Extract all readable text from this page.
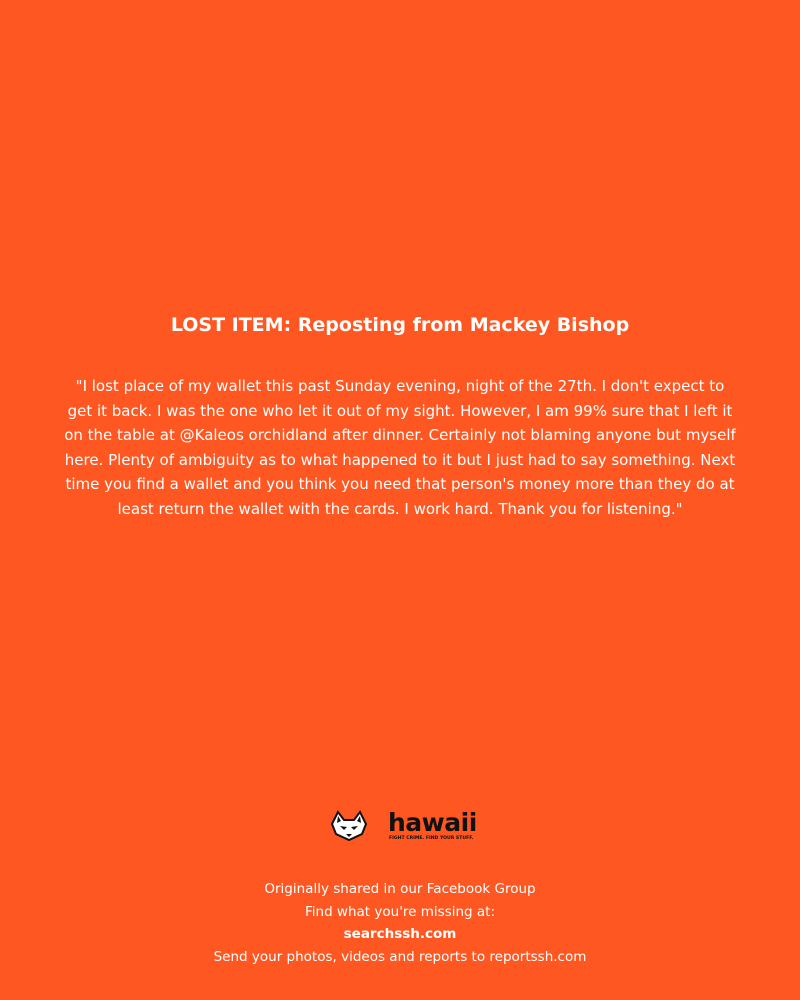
LOST ITEM: Reposting from Mackey Bishop

"I lost place of my wallet this past Sunday evening, night of the 27th. I don't expect to get it back. I was the one who let it out of my sight. However, I am 99% sure that I left it on the table at @Kaleos orchidland after dinner. Certainly not blaming anyone but myself here. Plenty of ambiguity as to what happened to it but I just had to say something. Next time you find a wallet and you think you need that person's money more than they do at least return the wallet with the cards. I work hard. Thank you for listening."

hawaii
FIGHT CRIME. FIND YOUR STUFF.
Originally shared in our Facebook Group
Find what you're missing at:
searchssh.com
Send your photos, videos and reports to reportssh.com
